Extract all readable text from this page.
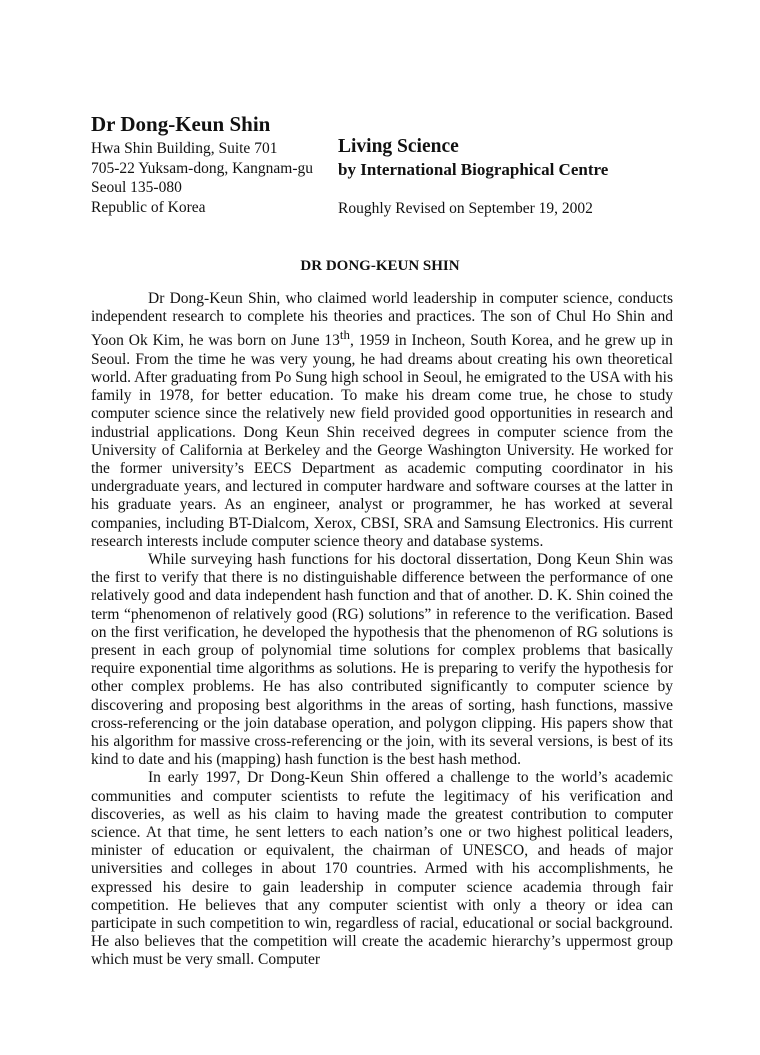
Dr Dong-Keun Shin
Hwa Shin Building, Suite 701
705-22 Yuksam-dong, Kangnam-gu
Seoul 135-080
Republic of Korea
Living Science
by International Biographical Centre
Roughly Revised on September 19, 2002
DR DONG-KEUN SHIN

Dr Dong-Keun Shin, who claimed world leadership in computer science, conducts independent research to complete his theories and practices. The son of Chul Ho Shin and Yoon Ok Kim, he was born on June 13th, 1959 in Incheon, South Korea, and he grew up in Seoul. From the time he was very young, he had dreams about creating his own theoretical world. After graduating from Po Sung high school in Seoul, he emigrated to the USA with his family in 1978, for better education. To make his dream come true, he chose to study computer science since the relatively new field provided good opportunities in research and industrial applications. Dong Keun Shin received degrees in computer science from the University of California at Berkeley and the George Washington University. He worked for the former university’s EECS Department as academic computing coordinator in his undergraduate years, and lectured in computer hardware and software courses at the latter in his graduate years. As an engineer, analyst or programmer, he has worked at several companies, including BT-Dialcom, Xerox, CBSI, SRA and Samsung Electronics. His current research interests include computer science theory and database systems.

While surveying hash functions for his doctoral dissertation, Dong Keun Shin was the first to verify that there is no distinguishable difference between the performance of one relatively good and data independent hash function and that of another. D. K. Shin coined the term “phenomenon of relatively good (RG) solutions” in reference to the verification. Based on the first verification, he developed the hypothesis that the phenomenon of RG solutions is present in each group of polynomial time solutions for complex problems that basically require exponential time algorithms as solutions. He is preparing to verify the hypothesis for other complex problems. He has also contributed significantly to computer science by discovering and proposing best algorithms in the areas of sorting, hash functions, massive cross-referencing or the join database operation, and polygon clipping. His papers show that his algorithm for massive cross-referencing or the join, with its several versions, is best of its kind to date and his (mapping) hash function is the best hash method.

In early 1997, Dr Dong-Keun Shin offered a challenge to the world’s academic communities and computer scientists to refute the legitimacy of his verification and discoveries, as well as his claim to having made the greatest contribution to computer science. At that time, he sent letters to each nation’s one or two highest political leaders, minister of education or equivalent, the chairman of UNESCO, and heads of major universities and colleges in about 170 countries. Armed with his accomplishments, he expressed his desire to gain leadership in computer science academia through fair competition. He believes that any computer scientist with only a theory or idea can participate in such competition to win, regardless of racial, educational or social background. He also believes that the competition will create the academic hierarchy’s uppermost group which must be very small. Computer
